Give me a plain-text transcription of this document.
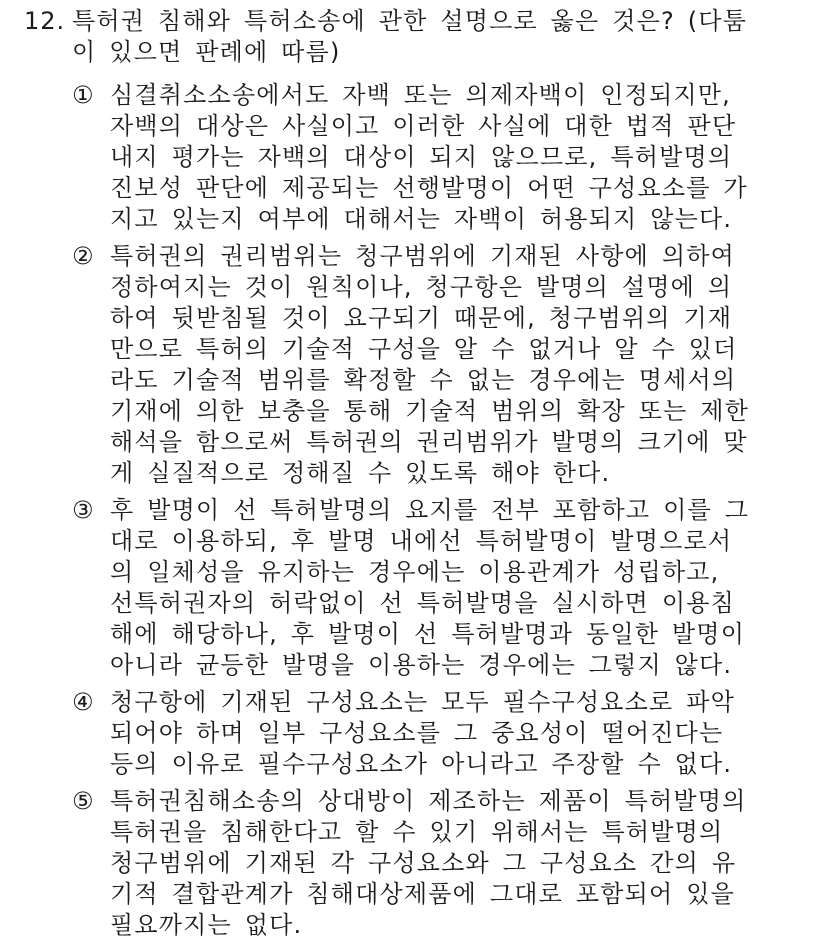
12. 특허권 침해와 특허소송에 관한 설명으로 옳은 것은? (다툼
이 있으면 판례에 따름)
① 심결취소소송에서도 자백 또는 의제자백이 인정되지만,
자백의 대상은 사실이고 이러한 사실에 대한 법적 판단
내지 평가는 자백의 대상이 되지 않으므로, 특허발명의
진보성 판단에 제공되는 선행발명이 어떤 구성요소를 가
지고 있는지 여부에 대해서는 자백이 허용되지 않는다.
② 특허권의 권리범위는 청구범위에 기재된 사항에 의하여
정하여지는 것이 원칙이나, 청구항은 발명의 설명에 의
하여 뒷받침될 것이 요구되기 때문에, 청구범위의 기재
만으로 특허의 기술적 구성을 알 수 없거나 알 수 있더
라도 기술적 범위를 확정할 수 없는 경우에는 명세서의
기재에 의한 보충을 통해 기술적 범위의 확장 또는 제한
해석을 함으로써 특허권의 권리범위가 발명의 크기에 맞
게 실질적으로 정해질 수 있도록 해야 한다.
③ 후 발명이 선 특허발명의 요지를 전부 포함하고 이를 그
대로 이용하되, 후 발명 내에선 특허발명이 발명으로서
의 일체성을 유지하는 경우에는 이용관계가 성립하고,
선특허권자의 허락없이 선 특허발명을 실시하면 이용침
해에 해당하나, 후 발명이 선 특허발명과 동일한 발명이
아니라 균등한 발명을 이용하는 경우에는 그렇지 않다.
④ 청구항에 기재된 구성요소는 모두 필수구성요소로 파악
되어야 하며 일부 구성요소를 그 중요성이 떨어진다는
등의 이유로 필수구성요소가 아니라고 주장할 수 없다.
⑤ 특허권침해소송의 상대방이 제조하는 제품이 특허발명의
특허권을 침해한다고 할 수 있기 위해서는 특허발명의
청구범위에 기재된 각 구성요소와 그 구성요소 간의 유
기적 결합관계가 침해대상제품에 그대로 포함되어 있을
필요까지는 없다.
